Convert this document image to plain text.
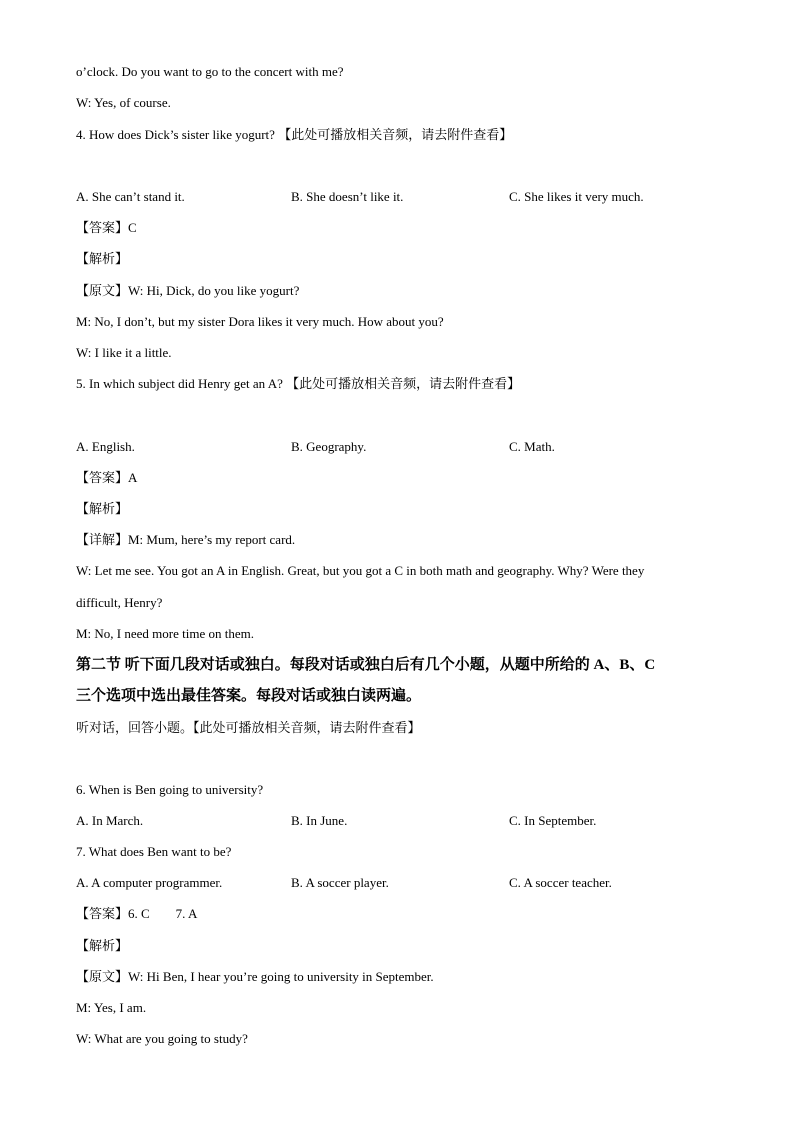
o’clock. Do you want to go to the concert with me?
W: Yes, of course.
4. How does Dick’s sister like yogurt? 【此处可播放相关音频，请去附件查看】
A. She can’t stand it.	B. She doesn’t like it.	C. She likes it very much.
【答案】C
【解析】
【原文】W: Hi, Dick, do you like yogurt?
M: No, I don’t, but my sister Dora likes it very much. How about you?
W: I like it a little.
5. In which subject did Henry get an A? 【此处可播放相关音频，请去附件查看】
A. English.	B. Geography.	C. Math.
【答案】A
【解析】
【详解】M: Mum, here’s my report card.
W: Let me see. You got an A in English. Great, but you got a C in both math and geography. Why? Were they
difficult, Henry?
M: No, I need more time on them.
第二节 听下面几段对话或独白。每段对话或独白后有几个小题，从题中所给的 A、B、C
三个选项中选出最佳答案。每段对话或独白读两遍。
听对话，回答小题。【此处可播放相关音频，请去附件查看】
6. When is Ben going to university?
A. In March.	B. In June.	C. In September.
7. What does Ben want to be?
A. A computer programmer.	B. A soccer player.	C. A soccer teacher.
【答案】6. C        7. A
【解析】
【原文】W: Hi Ben, I hear you’re going to university in September.
M: Yes, I am.
W: What are you going to study?
